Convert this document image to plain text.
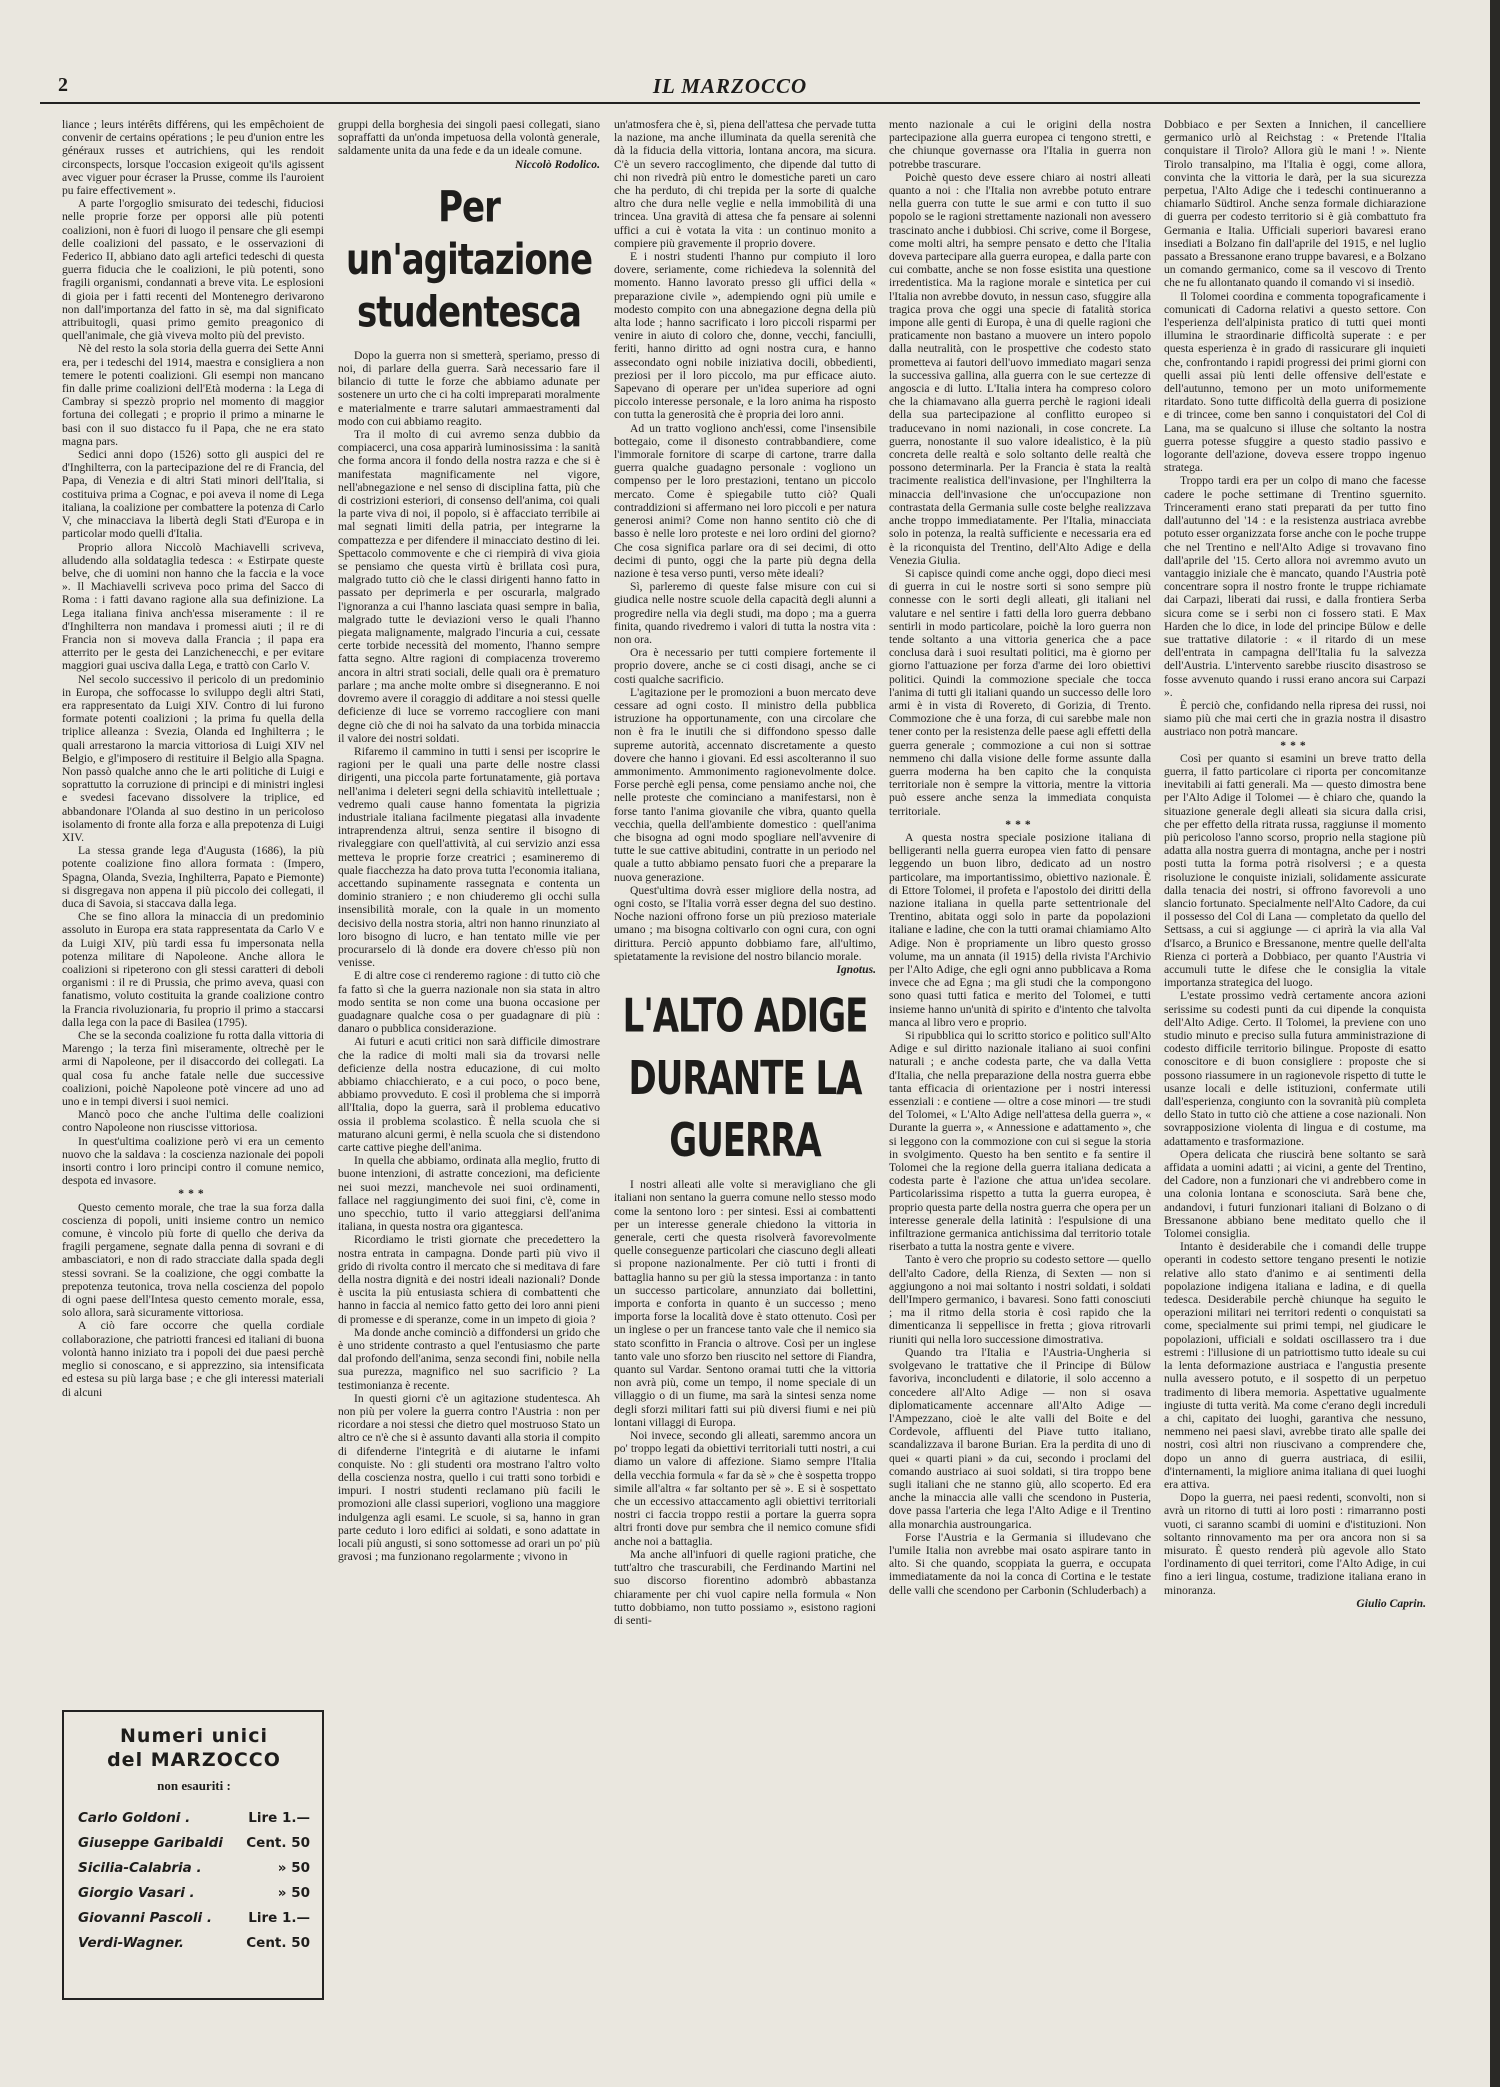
2	IL MARZOCCO

liance ; leurs intérêts différens, qui les empêchoient de convenir de certains opérations ; le peu d'union entre les généraux russes et autrichiens, qui les rendoit circonspects, lorsque l'occasion exigeoit qu'ils agissent avec viguer pour écraser la Prusse, comme ils l'auroient pu faire effectivement ».

A parte l'orgoglio smisurato dei tedeschi, fiduciosi nelle proprie forze per opporsi alle più potenti coalizioni, non è fuori di luogo il pensare che gli esempi delle coalizioni del passato, e le osservazioni di Federico II, abbiano dato agli artefici tedeschi di questa guerra fiducia che le coalizioni, le più potenti, sono fragili organismi, condannati a breve vita. Le esplosioni di gioia per i fatti recenti del Montenegro derivarono non dall'importanza del fatto in sè, ma dal significato attribuitogli, quasi primo gemito preagonico di quell'animale, che già viveva molto più del previsto.

Nè del resto la sola storia della guerra dei Sette Anni era, per i tedeschi del 1914, maestra e consigliera a non temere le potenti coalizioni. Gli esempi non mancano fin dalle prime coalizioni dell'Età moderna : la Lega di Cambray si spezzò proprio nel momento di maggior fortuna dei collegati ; e proprio il primo a minarne le basi con il suo distacco fu il Papa, che ne era stato magna pars.

Sedici anni dopo (1526) sotto gli auspici del re d'Inghilterra, con la partecipazione del re di Francia, del Papa, di Venezia e di altri Stati minori dell'Italia, si costituiva prima a Cognac, e poi aveva il nome di Lega italiana, la coalizione per combattere la potenza di Carlo V, che minacciava la libertà degli Stati d'Europa e in particolar modo quelli d'Italia.

Proprio allora Niccolò Machiavelli scriveva, alludendo alla soldataglia tedesca : « Estirpate queste belve, che di uomini non hanno che la faccia e la voce ». Il Machiavelli scriveva poco prima del Sacco di Roma : i fatti davano ragione alla sua definizione. La Lega italiana finiva anch'essa miseramente : il re d'Inghilterra non mandava i promessi aiuti ; il re di Francia non si moveva dalla Francia ; il papa era atterrito per le gesta dei Lanzichenecchi, e per evitare maggiori guai usciva dalla Lega, e trattò con Carlo V.

Nel secolo successivo il pericolo di un predominio in Europa, che soffocasse lo sviluppo degli altri Stati, era rappresentato da Luigi XIV. Contro di lui furono formate potenti coalizioni ; la prima fu quella della triplice alleanza : Svezia, Olanda ed Inghilterra ; le quali arrestarono la marcia vittoriosa di Luigi XIV nel Belgio, e gl'imposero di restituire il Belgio alla Spagna. Non passò qualche anno che le arti politiche di Luigi e soprattutto la corruzione di principi e di ministri inglesi e svedesi facevano dissolvere la triplice, ed abbandonare l'Olanda al suo destino in un pericoloso isolamento di fronte alla forza e alla prepotenza di Luigi XIV.

La stessa grande lega d'Augusta (1686), la più potente coalizione fino allora formata : (Impero, Spagna, Olanda, Svezia, Inghilterra, Papato e Piemonte) si disgregava non appena il più piccolo dei collegati, il duca di Savoia, si staccava dalla lega.

Che se fino allora la minaccia di un predominio assoluto in Europa era stata rappresentata da Carlo V e da Luigi XIV, più tardi essa fu impersonata nella potenza militare di Napoleone. Anche allora le coalizioni si ripeterono con gli stessi caratteri di deboli organismi : il re di Prussia, che primo aveva, quasi con fanatismo, voluto costituita la grande coalizione contro la Francia rivoluzionaria, fu proprio il primo a staccarsi dalla lega con la pace di Basilea (1795).

Che se la seconda coalizione fu rotta dalla vittoria di Marengo ; la terza finì miseramente, oltrechè per le armi di Napoleone, per il disaccordo dei collegati. La qual cosa fu anche fatale nelle due successive coalizioni, poichè Napoleone potè vincere ad uno ad uno e in tempi diversi i suoi nemici.

Mancò poco che anche l'ultima delle coalizioni contro Napoleone non riuscisse vittoriosa.

In quest'ultima coalizione però vi era un cemento nuovo che la saldava : la coscienza nazionale dei popoli insorti contro i loro principi contro il comune nemico, despota ed invasore.

***

Questo cemento morale, che trae la sua forza dalla coscienza di popoli, uniti insieme contro un nemico comune, è vincolo più forte di quello che deriva da fragili pergamene, segnate dalla penna di sovrani e di ambasciatori, e non di rado stracciate dalla spada degli stessi sovrani. Se la coalizione, che oggi combatte la prepotenza teutonica, trova nella coscienza del popolo di ogni paese dell'Intesa questo cemento morale, essa, solo allora, sarà sicuramente vittoriosa.

A ciò fare occorre che quella cordiale collaborazione, che patriotti francesi ed italiani di buona volontà hanno iniziato tra i popoli dei due paesi perchè meglio si conoscano, e si apprezzino, sia intensificata ed estesa su più larga base ; e che gli interessi materiali di alcuni

Numeri unici
del MARZOCCO
non esauriti :
Carlo Goldoni .	Lire 1.—
Giuseppe Garibaldi Cent. 50
Sicilia-Calabria .	» 50
Giorgio Vasari .	» 50
Giovanni Pascoli .	Lire 1.—
Verdi-Wagner.	Cent. 50

gruppi della borghesia dei singoli paesi collegati, siano sopraffatti da un'onda impetuosa della volontà generale, saldamente unita da una fede e da un ideale comune.

Niccolò Rodolico.

Per un'agitazione studentesca

Dopo la guerra non si smetterà, speriamo, presso di noi, di parlare della guerra. Sarà necessario fare il bilancio di tutte le forze che abbiamo adunate per sostenere un urto che ci ha colti impreparati moralmente e materialmente e trarre salutari ammaestramenti dal modo con cui abbiamo reagito.

Tra il molto di cui avremo senza dubbio da compiacerci, una cosa apparirà luminosissima : la sanità che forma ancora il fondo della nostra razza e che si è manifestata magnificamente nel vigore, nell'abnegazione e nel senso di disciplina fatta, più che di costrizioni esteriori, di consenso dell'anima, coi quali la parte viva di noi, il popolo, si è affacciato terribile ai mal segnati limiti della patria, per integrarne la compattezza e per difendere il minacciato destino di lei. Spettacolo commovente e che ci riempirà di viva gioia se pensiamo che questa virtù è brillata così pura, malgrado tutto ciò che le classi dirigenti hanno fatto in passato per deprimerla e per oscurarla, malgrado l'ignoranza a cui l'hanno lasciata quasi sempre in balìa, malgrado tutte le deviazioni verso le quali l'hanno piegata malignamente, malgrado l'incuria a cui, cessate certe torbide necessità del momento, l'hanno sempre fatta segno. Altre ragioni di compiacenza troveremo ancora in altri strati sociali, delle quali ora è prematuro parlare ; ma anche molte ombre si disegneranno. E noi dovremo avere il coraggio di additare a noi stessi quelle deficienze di luce se vorremo raccogliere con mani degne ciò che di noi ha salvato da una torbida minaccia il valore dei nostri soldati.

Rifaremo il cammino in tutti i sensi per iscoprire le ragioni per le quali una parte delle nostre classi dirigenti, una piccola parte fortunatamente, già portava nell'anima i deleteri segni della schiavitù intellettuale ; vedremo quali cause hanno fomentata la pigrizia industriale italiana facilmente piegatasi alla invadente intraprendenza altrui, senza sentire il bisogno di rivaleggiare con quell'attività, al cui servizio anzi essa metteva le proprie forze creatrici ; esamineremo di quale fiacchezza ha dato prova tutta l'economia italiana, accettando supinamente rassegnata e contenta un dominio straniero ; e non chiuderemo gli occhi sulla insensibilità morale, con la quale in un momento decisivo della nostra storia, altri non hanno rinunziato al loro bisogno di lucro, e han tentato mille vie per procurarselo di là donde era dovere ch'esso più non venisse.

E di altre cose ci renderemo ragione : di tutto ciò che fa fatto sì che la guerra nazionale non sia stata in altro modo sentita se non come una buona occasione per guadagnare qualche cosa o per guadagnare di più : danaro o pubblica considerazione.

Ai futuri e acuti critici non sarà difficile dimostrare che la radice di molti mali sia da trovarsi nelle deficienze della nostra educazione, di cui molto abbiamo chiacchierato, e a cui poco, o poco bene, abbiamo provveduto. E così il problema che si imporrà all'Italia, dopo la guerra, sarà il problema educativo ossia il problema scolastico. È nella scuola che si maturano alcuni germi, è nella scuola che si distendono carte cattive pieghe dell'anima.

In quella che abbiamo, ordinata alla meglio, frutto di buone intenzioni, di astratte concezioni, ma deficiente nei suoi mezzi, manchevole nei suoi ordinamenti, fallace nel raggiungimento dei suoi fini, c'è, come in uno specchio, tutto il vario atteggiarsi dell'anima italiana, in questa nostra ora gigantesca.

Ricordiamo le tristi giornate che precedettero la nostra entrata in campagna. Donde partì più vivo il grido di rivolta contro il mercato che si meditava di fare della nostra dignità e dei nostri ideali nazionali? Donde è uscita la più entusiasta schiera di combattenti che hanno in faccia al nemico fatto getto dei loro anni pieni di promesse e di speranze, come in un impeto di gioia ?

Ma donde anche cominciò a diffondersi un grido che è uno stridente contrasto a quel l'entusiasmo che parte dal profondo dell'anima, senza secondi fini, nobile nella sua purezza, magnifico nel suo sacrificio ? La testimonianza è recente.

In questi giorni c'è un agitazione studentesca. Ah non più per volere la guerra contro l'Austria : non per ricordare a noi stessi che dietro quel mostruoso Stato un altro ce n'è che si è assunto davanti alla storia il compito di difenderne l'integrità e di aiutarne le infami conquiste. No : gli studenti ora mostrano l'altro volto della coscienza nostra, quello i cui tratti sono torbidi e impuri. I nostri studenti reclamano più facili le promozioni alle classi superiori, vogliono una maggiore indulgenza agli esami. Le scuole, si sa, hanno in gran parte ceduto i loro edifici ai soldati, e sono adattate in locali più angusti, si sono sottomesse ad orari un po' più gravosi ; ma funzionano regolarmente ; vivono in

un'atmosfera che è, sì, piena dell'attesa che pervade tutta la nazione, ma anche illuminata da quella serenità che dà la fiducia della vittoria, lontana ancora, ma sicura. C'è un severo raccoglimento, che dipende dal tutto di chi non rivedrà più entro le domestiche pareti un caro che ha perduto, di chi trepida per la sorte di qualche altro che dura nelle veglie e nella immobilità di una trincea. Una gravità di attesa che fa pensare ai solenni uffici a cui è votata la vita : un continuo monito a compiere più gravemente il proprio dovere.

E i nostri studenti l'hanno pur compiuto il loro dovere, seriamente, come richiedeva la solennità del momento. Hanno lavorato presso gli uffici della « preparazione civile », adempiendo ogni più umile e modesto compito con una abnegazione degna della più alta lode ; hanno sacrificato i loro piccoli risparmi per venire in aiuto di coloro che, donne, vecchi, fanciulli, feriti, hanno diritto ad ogni nostra cura, e hanno assecondato ogni nobile iniziativa docili, obbedienti, preziosi per il loro piccolo, ma pur efficace aiuto. Sapevano di operare per un'idea superiore ad ogni piccolo interesse personale, e la loro anima ha risposto con tutta la generosità che è propria dei loro anni.

Ad un tratto vogliono anch'essi, come l'insensibile bottegaio, come il disonesto contrabbandiere, come l'immorale fornitore di scarpe di cartone, trarre dalla guerra qualche guadagno personale : vogliono un compenso per le loro prestazioni, tentano un piccolo mercato. Come è spiegabile tutto ciò? Quali contraddizioni si affermano nei loro piccoli e per natura generosi animi? Come non hanno sentito ciò che di basso è nelle loro proteste e nei loro ordini del giorno? Che cosa significa parlare ora di sei decimi, di otto decimi di punto, oggi che la parte più degna della nazione è tesa verso punti, verso mète ideali?

Sì, parleremo di queste false misure con cui si giudica nelle nostre scuole della capacità degli alunni a progredire nella via degli studi, ma dopo ; ma a guerra finita, quando rivedremo i valori di tutta la nostra vita : non ora.

Ora è necessario per tutti compiere fortemente il proprio dovere, anche se ci costi disagi, anche se ci costi qualche sacrificio.

L'agitazione per le promozioni a buon mercato deve cessare ad ogni costo. Il ministro della pubblica istruzione ha opportunamente, con una circolare che non è fra le inutili che si diffondono spesso dalle supreme autorità, accennato discretamente a questo dovere che hanno i giovani. Ed essi ascolteranno il suo ammonimento. Ammonimento ragionevolmente dolce. Forse perchè egli pensa, come pensiamo anche noi, che nelle proteste che cominciano a manifestarsi, non è forse tanto l'anima giovanile che vibra, quanto quella vecchia, quella dell'ambiente domestico : quell'anima che bisogna ad ogni modo spogliare nell'avvenire di tutte le sue cattive abitudini, contratte in un periodo nel quale a tutto abbiamo pensato fuori che a preparare la nuova generazione.

Quest'ultima dovrà esser migliore della nostra, ad ogni costo, se l'Italia vorrà esser degna del suo destino. Noche nazioni offrono forse un più prezioso materiale umano ; ma bisogna coltivarlo con ogni cura, con ogni dirittura. Perciò appunto dobbiamo fare, all'ultimo, spietatamente la revisione del nostro bilancio morale.

Ignotus.

L'ALTO ADIGE DURANTE LA GUERRA

I nostri alleati alle volte si meravigliano che gli italiani non sentano la guerra comune nello stesso modo come la sentono loro : per sintesi. Essi ai combattenti per un interesse generale chiedono la vittoria in generale, certi che questa risolverà favorevolmente quelle conseguenze particolari che ciascuno degli alleati si propone nazionalmente. Per ciò tutti i fronti di battaglia hanno su per giù la stessa importanza : in tanto un successo particolare, annunziato dai bollettini, importa e conforta in quanto è un successo ; meno importa forse la località dove è stato ottenuto. Così per un inglese o per un francese tanto vale che il nemico sia stato sconfitto in Francia o altrove. Così per un inglese tanto vale uno sforzo ben riuscito nel settore di Fiandra, quanto sul Vardar. Sentono oramai tutti che la vittoria non avrà più, come un tempo, il nome speciale di un villaggio o di un fiume, ma sarà la sintesi senza nome degli sforzi militari fatti sui più diversi fiumi e nei più lontani villaggi di Europa.

Noi invece, secondo gli alleati, saremmo ancora un po' troppo legati da obiettivi territoriali tutti nostri, a cui diamo un valore di affezione. Siamo sempre l'Italia della vecchia formula « far da sè » che è sospetta troppo simile all'altra « far soltanto per sè ». E si è sospettato che un eccessivo attaccamento agli obiettivi territoriali nostri ci faccia troppo restii a portare la guerra sopra altri fronti dove pur sembra che il nemico comune sfidi anche noi a battaglia.

Ma anche all'infuori di quelle ragioni pratiche, che tutt'altro che trascurabili, che Ferdinando Martini nel suo discorso fiorentino adombrò abbastanza chiaramente per chi vuol capire nella formula « Non tutto dobbiamo, non tutto possiamo », esistono ragioni di senti-

mento nazionale a cui le origini della nostra partecipazione alla guerra europea ci tengono stretti, e che chiunque governasse ora l'Italia in guerra non potrebbe trascurare.

Poichè questo deve essere chiaro ai nostri alleati quanto a noi : che l'Italia non avrebbe potuto entrare nella guerra con tutte le sue armi e con tutto il suo popolo se le ragioni strettamente nazionali non avessero trascinato anche i dubbiosi. Chi scrive, come il Borgese, come molti altri, ha sempre pensato e detto che l'Italia doveva partecipare alla guerra europea, e dalla parte con cui combatte, anche se non fosse esistita una questione irredentistica. Ma la ragione morale e sintetica per cui l'Italia non avrebbe dovuto, in nessun caso, sfuggire alla tragica prova che oggi una specie di fatalità storica impone alle genti di Europa, è una di quelle ragioni che praticamente non bastano a muovere un intero popolo dalla neutralità, con le prospettive che codesto stato prometteva ai fautori dell'uovo immediato magari senza la successiva gallina, alla guerra con le sue certezze di angoscia e di lutto. L'Italia intera ha compreso coloro che la chiamavano alla guerra perchè le ragioni ideali della sua partecipazione al conflitto europeo si traducevano in nomi nazionali, in cose concrete. La guerra, nonostante il suo valore idealistico, è la più concreta delle realtà e solo soltanto delle realtà che possono determinarla. Per la Francia è stata la realtà tracimente realistica dell'invasione, per l'Inghilterra la minaccia dell'invasione che un'occupazione non contrastata della Germania sulle coste belghe realizzava anche troppo immediatamente. Per l'Italia, minacciata solo in potenza, la realtà sufficiente e necessaria era ed è la riconquista del Trentino, dell'Alto Adige e della Venezia Giulia.

Si capisce quindi come anche oggi, dopo dieci mesi di guerra in cui le nostre sorti si sono sempre più connesse con le sorti degli alleati, gli italiani nel valutare e nel sentire i fatti della loro guerra debbano sentirli in modo particolare, poichè la loro guerra non tende soltanto a una vittoria generica che a pace conclusa darà i suoi resultati politici, ma è giorno per giorno l'attuazione per forza d'arme dei loro obiettivi politici. Quindi la commozione speciale che tocca l'anima di tutti gli italiani quando un successo delle loro armi è in vista di Rovereto, di Gorizia, di Trento. Commozione che è una forza, di cui sarebbe male non tener conto per la resistenza delle paese agli effetti della guerra generale ; commozione a cui non si sottrae nemmeno chi dalla visione delle forme assunte dalla guerra moderna ha ben capito che la conquista territoriale non è sempre la vittoria, mentre la vittoria può essere anche senza la immediata conquista territoriale.

***

A questa nostra speciale posizione italiana di belligeranti nella guerra europea vien fatto di pensare leggendo un buon libro, dedicato ad un nostro particolare, ma importantissimo, obiettivo nazionale. È di Ettore Tolomei, il profeta e l'apostolo dei diritti della nazione italiana in quella parte settentrionale del Trentino, abitata oggi solo in parte da popolazioni italiane e ladine, che con la tutti oramai chiamiamo Alto Adige. Non è propriamente un libro questo grosso volume, ma un annata (il 1915) della rivista l'Archivio per l'Alto Adige, che egli ogni anno pubblicava a Roma invece che ad Egna ; ma gli studi che la compongono sono quasi tutti fatica e merito del Tolomei, e tutti insieme hanno un'unità di spirito e d'intento che talvolta manca al libro vero e proprio.

Si ripubblica qui lo scritto storico e politico sull'Alto Adige e sul diritto nazionale italiano ai suoi confini naturali ; e anche codesta parte, che va dalla Vetta d'Italia, che nella preparazione della nostra guerra ebbe tanta efficacia di orientazione per i nostri interessi essenziali : e contiene — oltre a cose minori — tre studi del Tolomei, « L'Alto Adige nell'attesa della guerra », « Durante la guerra », « Annessione e adattamento », che si leggono con la commozione con cui si segue la storia in svolgimento. Questo ha ben sentito e fa sentire il Tolomei che la regione della guerra italiana dedicata a codesta parte è l'azione che attua un'idea secolare. Particolarissima rispetto a tutta la guerra europea, è proprio questa parte della nostra guerra che opera per un interesse generale della latinità : l'espulsione di una infiltrazione germanica antichissima dal territorio totale riserbato a tutta la nostra gente e vivere.

Tanto è vero che proprio su codesto settore — quello dell'alto Cadore, della Rienza, di Sexten — non si aggiungono a noi mai soltanto i nostri soldati, i soldati dell'Impero germanico, i bavaresi. Sono fatti conosciuti ; ma il ritmo della storia è così rapido che la dimenticanza li seppellisce in fretta ; giova ritrovarli riuniti qui nella loro successione dimostrativa.

Quando tra l'Italia e l'Austria-Ungheria si svolgevano le trattative che il Principe di Bülow favoriva, inconcludenti e dilatorie, il solo accenno a concedere all'Alto Adige — non si osava diplomaticamente accennare all'Alto Adige — l'Ampezzano, cioè le alte valli del Boite e del Cordevole, affluenti del Piave tutto italiano, scandalizzava il barone Burian. Era la perdita di uno di quei « quarti piani » da cui, secondo i proclami del comando austriaco ai suoi soldati, si tira troppo bene sugli italiani che ne stanno giù, allo scoperto. Ed era anche la minaccia alle valli che scendono in Pusteria, dove passa l'arteria che lega l'Alto Adige e il Trentino alla monarchia austroungarica.

Forse l'Austria e la Germania si illudevano che l'umile Italia non avrebbe mai osato aspirare tanto in alto. Si che quando, scoppiata la guerra, e occupata immediatamente da noi la conca di Cortina e le testate delle valli che scendono per Carbonin (Schluderbach) a

Dobbiaco e per Sexten a Innichen, il cancelliere germanico urlò al Reichstag : « Pretende l'Italia conquistare il Tirolo? Allora giù le mani ! ». Niente Tirolo transalpino, ma l'Italia è oggi, come allora, convinta che la vittoria le darà, per la sua sicurezza perpetua, l'Alto Adige che i tedeschi continueranno a chiamarlo Südtirol. Anche senza formale dichiarazione di guerra per codesto territorio si è già combattuto fra Germania e Italia. Ufficiali superiori bavaresi erano insediati a Bolzano fin dall'aprile del 1915, e nel luglio passato a Bressanone erano truppe bavaresi, e a Bolzano un comando germanico, come sa il vescovo di Trento che ne fu allontanato quando il comando vi si insediò.

Il Tolomei coordina e commenta topograficamente i comunicati di Cadorna relativi a questo settore. Con l'esperienza dell'alpinista pratico di tutti quei monti illumina le straordinarie difficoltà superate : e per questa esperienza è in grado di rassicurare gli inquieti che, confrontando i rapidi progressi dei primi giorni con quelli assai più lenti delle offensive dell'estate e dell'autunno, temono per un moto uniformemente ritardato. Sono tutte difficoltà della guerra di posizione e di trincee, come ben sanno i conquistatori del Col di Lana, ma se qualcuno si illuse che soltanto la nostra guerra potesse sfuggire a questo stadio passivo e logorante dell'azione, doveva essere troppo ingenuo stratega.

Troppo tardi era per un colpo di mano che facesse cadere le poche settimane di Trentino sguernito. Trinceramenti erano stati preparati da per tutto fino dall'autunno del '14 : e la resistenza austriaca avrebbe potuto esser organizzata forse anche con le poche truppe che nel Trentino e nell'Alto Adige si trovavano fino dall'aprile del '15. Certo allora noi avremmo avuto un vantaggio iniziale che è mancato, quando l'Austria potè concentrare sopra il nostro fronte le truppe richiamate dai Carpazi, liberati dai russi, e dalla frontiera Serba sicura come se i serbi non ci fossero stati. E Max Harden che lo dice, in lode del principe Bülow e delle sue trattative dilatorie : « il ritardo di un mese dell'entrata in campagna dell'Italia fu la salvezza dell'Austria. L'intervento sarebbe riuscito disastroso se fosse avvenuto quando i russi erano ancora sui Carpazi ».

È perciò che, confidando nella ripresa dei russi, noi siamo più che mai certi che in grazia nostra il disastro austriaco non potrà mancare.

***

Così per quanto si esamini un breve tratto della guerra, il fatto particolare ci riporta per concomitanze inevitabili ai fatti generali. Ma — questo dimostra bene per l'Alto Adige il Tolomei — è chiaro che, quando la situazione generale degli alleati sia sicura dalla crisi, che per effetto della ritrata russa, raggiunse il momento più pericoloso l'anno scorso, proprio nella stagione più adatta alla nostra guerra di montagna, anche per i nostri posti tutta la forma potrà risolversi ; e a questa risoluzione le conquiste iniziali, solidamente assicurate dalla tenacia dei nostri, si offrono favorevoli a uno slancio fortunato. Specialmente nell'Alto Cadore, da cui il possesso del Col di Lana — completato da quello del Settsass, a cui si aggiunge — ci aprirà la via alla Val d'Isarco, a Brunico e Bressanone, mentre quelle dell'alta Rienza ci porterà a Dobbiaco, per quanto l'Austria vi accumuli tutte le difese che le consiglia la vitale importanza strategica del luogo.

L'estate prossimo vedrà certamente ancora azioni serissime su codesti punti da cui dipende la conquista dell'Alto Adige. Certo. Il Tolomei, la previene con uno studio minuto e preciso sulla futura amministrazione di codesto difficile territorio bilingue. Proposte di esatto conoscitore e di buon consigliere : proposte che si possono riassumere in un ragionevole rispetto di tutte le usanze locali e delle istituzioni, confermate utili dall'esperienza, congiunto con la sovranità più completa dello Stato in tutto ciò che attiene a cose nazionali. Non sovrapposizione violenta di lingua e di costume, ma adattamento e trasformazione.

Opera delicata che riuscirà bene soltanto se sarà affidata a uomini adatti ; ai vicini, a gente del Trentino, del Cadore, non a funzionari che vi andrebbero come in una colonia lontana e sconosciuta. Sarà bene che, andandovi, i futuri funzionari italiani di Bolzano o di Bressanone abbiano bene meditato quello che il Tolomei consiglia.

Intanto è desiderabile che i comandi delle truppe operanti in codesto settore tengano presenti le notizie relative allo stato d'animo e ai sentimenti della popolazione indigena italiana e ladina, e di quella tedesca. Desiderabile perchè chiunque ha seguito le operazioni militari nei territori redenti o conquistati sa come, specialmente sui primi tempi, nel giudicare le popolazioni, ufficiali e soldati oscillassero tra i due estremi : l'illusione di un patriottismo tutto ideale su cui la lenta deformazione austriaca e l'angustia presente nulla avessero potuto, e il sospetto di un perpetuo tradimento di libera memoria. Aspettative ugualmente ingiuste di tutta verità. Ma come c'erano degli increduli a chi, capitato dei luoghi, garantiva che nessuno, nemmeno nei paesi slavi, avrebbe tirato alle spalle dei nostri, così altri non riuscivano a comprendere che, dopo un anno di guerra austriaca, di esilii, d'internamenti, la migliore anima italiana di quei luoghi era attiva.

Dopo la guerra, nei paesi redenti, sconvolti, non si avrà un ritorno di tutti ai loro posti : rimarranno posti vuoti, ci saranno scambi di uomini e d'istituzioni. Non soltanto rinnovamento ma per ora ancora non si sa misurato. È questo renderà più agevole allo Stato l'ordinamento di quei territori, come l'Alto Adige, in cui fino a ieri lingua, costume, tradizione italiana erano in minoranza.

Giulio Caprin.
